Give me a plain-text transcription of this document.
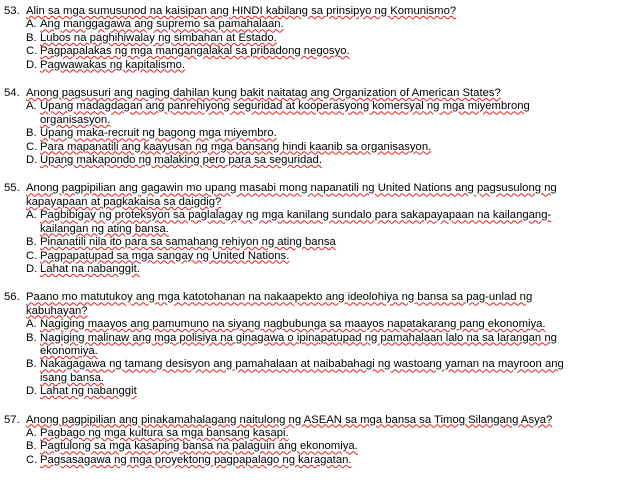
53. Alin sa mga sumusunod na kaisipan ang HINDI kabilang sa prinsipyo ng Komunismo?
A. Ang manggagawa ang supremo sa pamahalaan.
B. Lubos na paghihiwalay ng simbahan at Estado.
C. Pagpapalakas ng mga mangangalakal sa pribadong negosyo.
D. Pagwawakas ng kapitalismo.
54. Anong pagsusuri ang naging dahilan kung bakit naitatag ang Organization of American States?
A. Upang madagdagan ang panrehiyong seguridad at kooperasyong komersyal ng mga miyembrong organisasyon.
B. Upang maka-recruit ng bagong mga miyembro.
C. Para mapanatili ang kaayusan ng mga bansang hindi kaanib sa organisasyon.
D. Upang makapondo ng malaking pero para sa seguridad.
55. Anong pagpipilian ang gagawin mo upang masabi mong napanatili ng United Nations ang pagsusulong ng kapayapaan at pagkakaisa sa daigdig?
A. Pagbibigay ng proteksyon sa paglalagay ng mga kanilang sundalo para sakapayapaan na kailangang-kailangan ng ating bansa.
B. Pinanatili nila ito para sa samahang rehiyon ng ating bansa
C. Pagpapatupad sa mga sangay ng United Nations.
D. Lahat na nabanggit.
56. Paano mo matutukoy ang mga katotohanan na nakaapekto ang ideolohiya ng bansa sa pag-unlad ng kabuhayan?
A. Nagiging maayos ang pamumuno na siyang nagbubunga sa maayos napatakarang pang ekonomiya.
B. Nagiging malinaw ang mga polisiya na ginagawa o ipinapatupad ng pamahalaan lalo na sa larangan ng ekonomiya.
B. Nakagagawa ng tamang desisyon ang pamahalaan at naibabahagi ng wastoang yaman na mayroon ang isang bansa.
D. Lahat ng nabanggit
57. Anong pagpipilian ang pinakamahalagang naitulong ng ASEAN sa mga bansa sa Timog Silangang Asya?
A. Pagbago ng mga kultura sa mga bansang kasapi.
B. Pagtulong sa mga kasaping bansa na palaguin ang ekonomiya.
C. Pagsasagawa ng mga proyektong pagpapalago ng karagatan.
